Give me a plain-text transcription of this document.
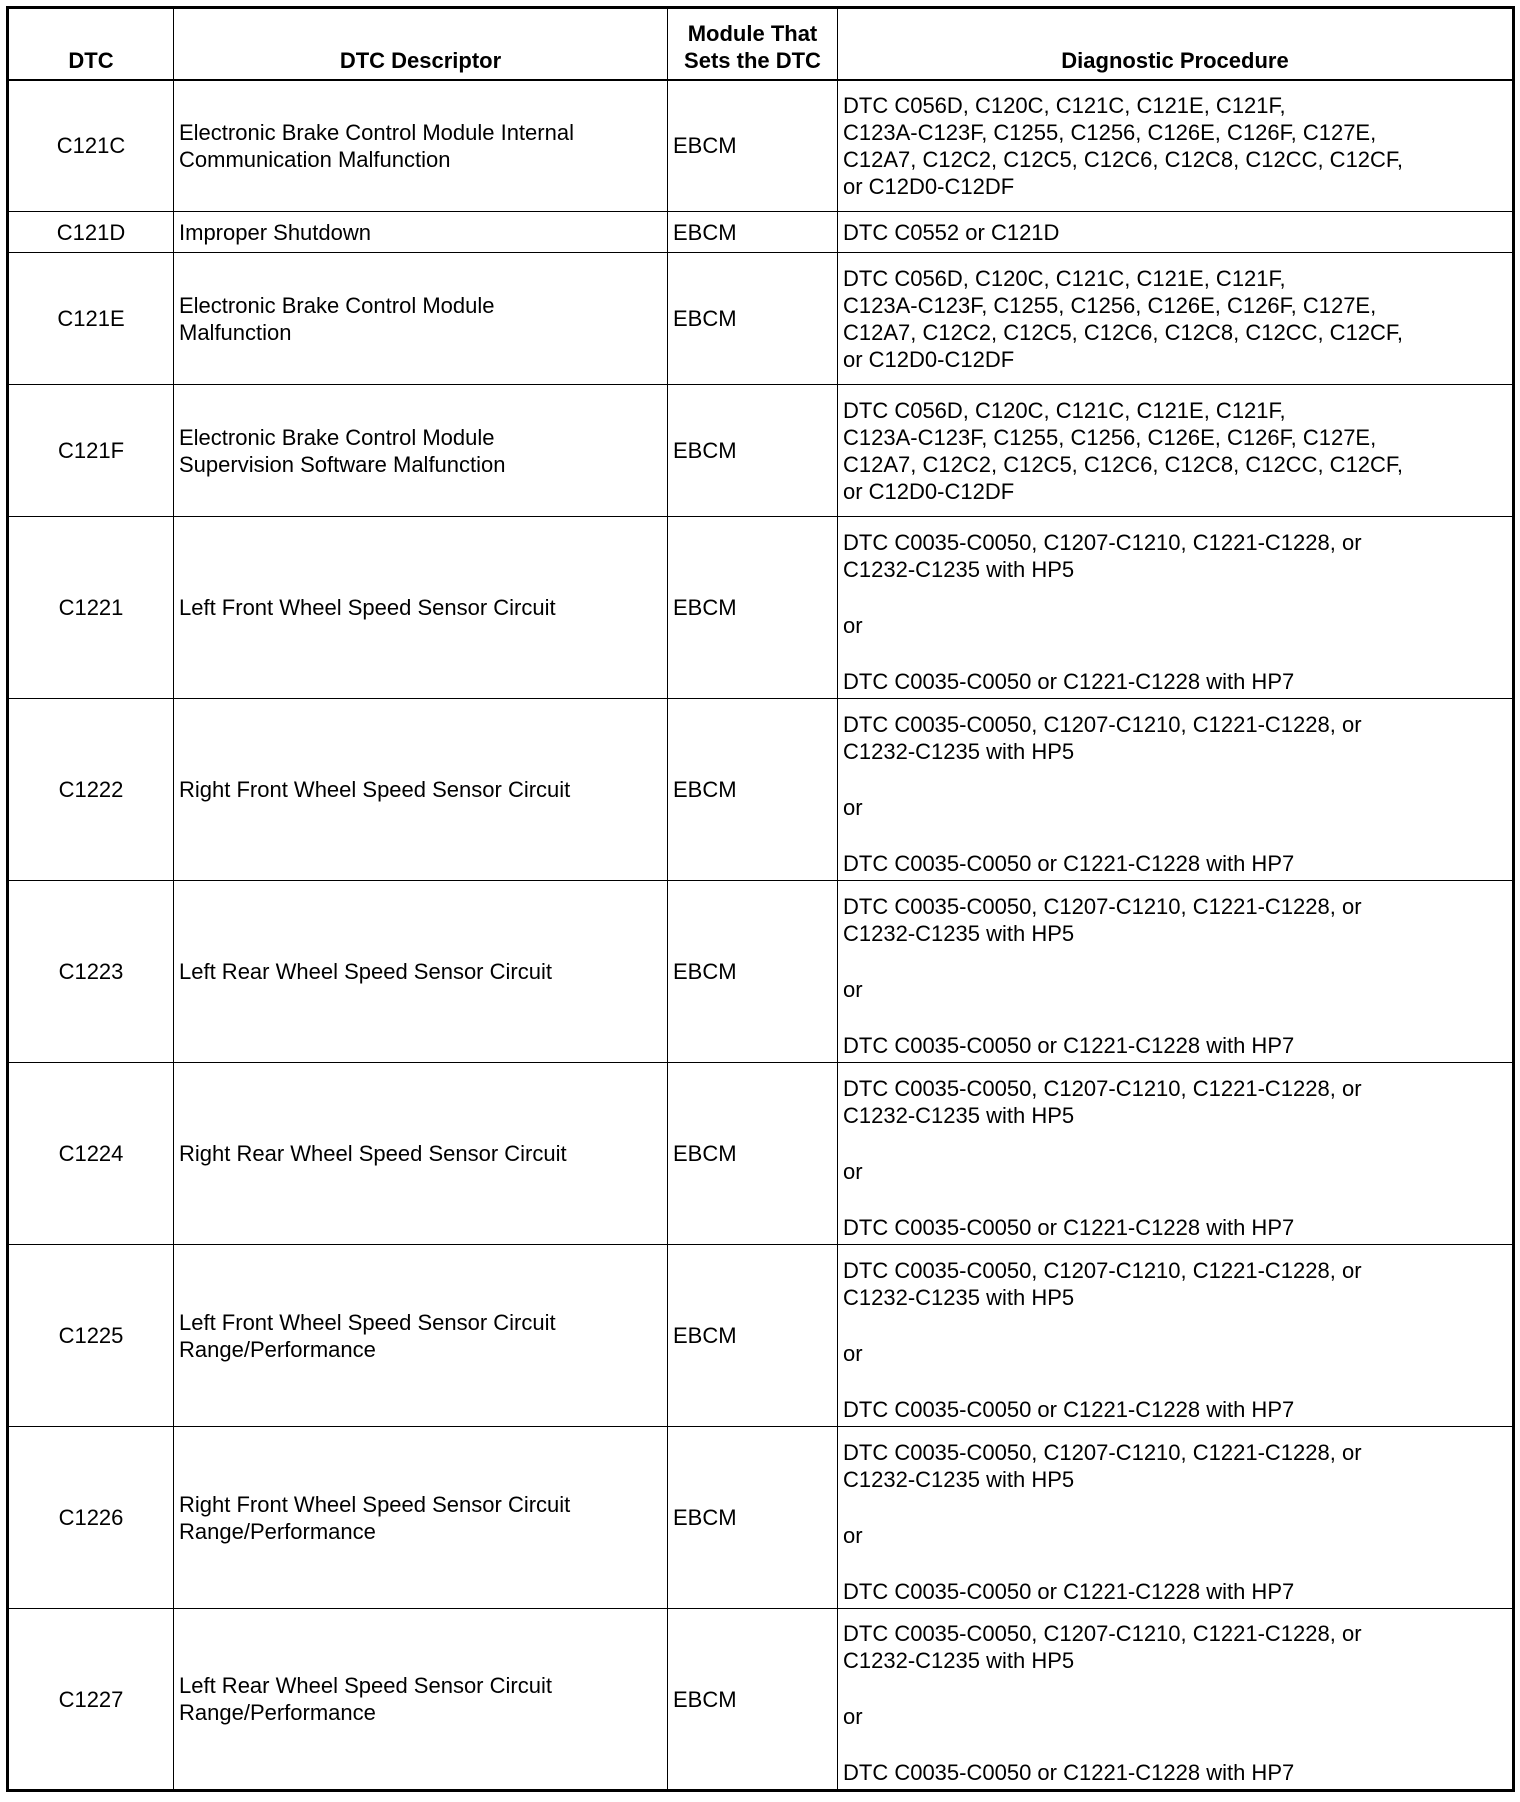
DTC	DTC Descriptor	Module That
Sets the DTC	Diagnostic Procedure
C121C	Electronic Brake Control Module Internal
Communication Malfunction	EBCM	DTC C056D, C120C, C121C, C121E, C121F,
C123A-C123F, C1255, C1256, C126E, C126F, C127E,
C12A7, C12C2, C12C5, C12C6, C12C8, C12CC, C12CF,
or C12D0-C12DF

C121D	Improper Shutdown	EBCM	DTC C0552 or C121D

C121E	Electronic Brake Control Module
Malfunction	EBCM	DTC C056D, C120C, C121C, C121E, C121F,
C123A-C123F, C1255, C1256, C126E, C126F, C127E,
C12A7, C12C2, C12C5, C12C6, C12C8, C12CC, C12CF,
or C12D0-C12DF

C121F	Electronic Brake Control Module
Supervision Software Malfunction	EBCM	DTC C056D, C120C, C121C, C121E, C121F,
C123A-C123F, C1255, C1256, C126E, C126F, C127E,
C12A7, C12C2, C12C5, C12C6, C12C8, C12CC, C12CF,
or C12D0-C12DF

C1221	Left Front Wheel Speed Sensor Circuit	EBCM	DTC C0035-C0050, C1207-C1210, C1221-C1228, or
C1232-C1235 with HP5
or
DTC C0035-C0050 or C1221-C1228 with HP7

C1222	Right Front Wheel Speed Sensor Circuit	EBCM	DTC C0035-C0050, C1207-C1210, C1221-C1228, or
C1232-C1235 with HP5
or
DTC C0035-C0050 or C1221-C1228 with HP7

C1223	Left Rear Wheel Speed Sensor Circuit	EBCM	DTC C0035-C0050, C1207-C1210, C1221-C1228, or
C1232-C1235 with HP5
or
DTC C0035-C0050 or C1221-C1228 with HP7

C1224	Right Rear Wheel Speed Sensor Circuit	EBCM	DTC C0035-C0050, C1207-C1210, C1221-C1228, or
C1232-C1235 with HP5
or
DTC C0035-C0050 or C1221-C1228 with HP7

C1225	Left Front Wheel Speed Sensor Circuit
Range/Performance	EBCM	DTC C0035-C0050, C1207-C1210, C1221-C1228, or
C1232-C1235 with HP5
or
DTC C0035-C0050 or C1221-C1228 with HP7

C1226	Right Front Wheel Speed Sensor Circuit
Range/Performance	EBCM	DTC C0035-C0050, C1207-C1210, C1221-C1228, or
C1232-C1235 with HP5
or
DTC C0035-C0050 or C1221-C1228 with HP7

C1227	Left Rear Wheel Speed Sensor Circuit
Range/Performance	EBCM	DTC C0035-C0050, C1207-C1210, C1221-C1228, or
C1232-C1235 with HP5
or
DTC C0035-C0050 or C1221-C1228 with HP7
